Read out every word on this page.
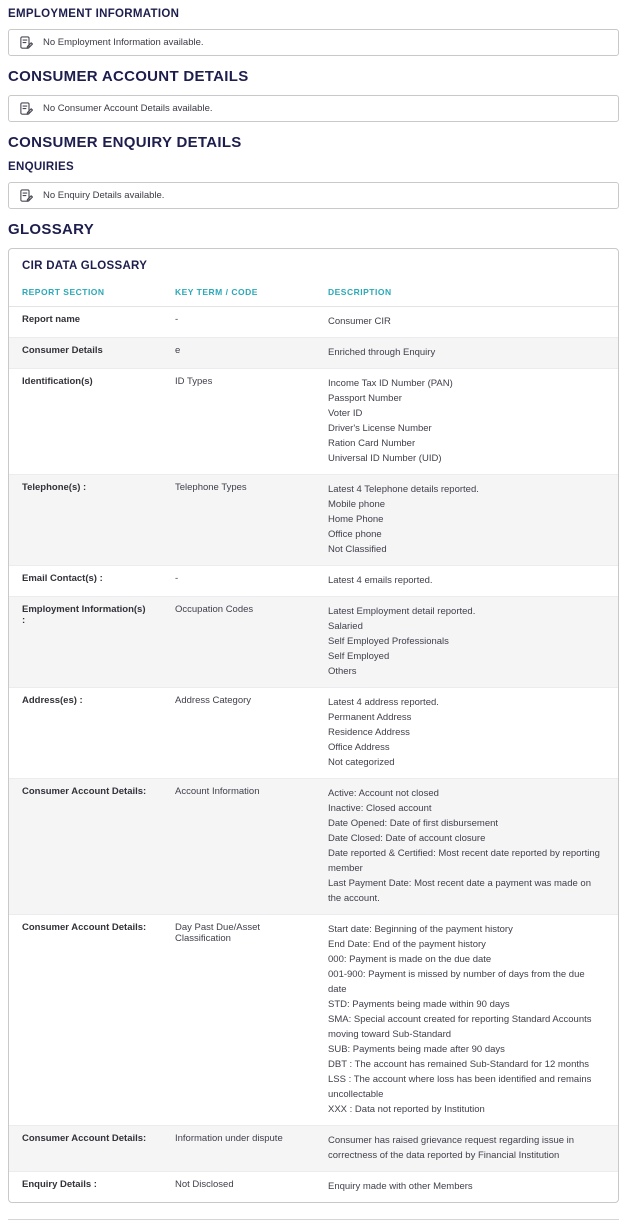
EMPLOYMENT INFORMATION
No Employment Information available.
CONSUMER ACCOUNT DETAILS
No Consumer Account Details available.
CONSUMER ENQUIRY DETAILS
ENQUIRIES
No Enquiry Details available.
GLOSSARY
CIR DATA GLOSSARY
REPORT SECTION	KEY TERM / CODE	DESCRIPTION
Report name	-	Consumer CIR

Consumer Details	e	Enriched through Enquiry

Identification(s)	ID Types	Income Tax ID Number (PAN)
Passport Number
Voter ID
Driver's License Number
Ration Card Number
Universal ID Number (UID)

Telephone(s) :	Telephone Types	Latest 4 Telephone details reported.
Mobile phone
Home Phone
Office phone
Not Classified

Email Contact(s) :	-	Latest 4 emails reported.

Employment Information(s) :	Occupation Codes	Latest Employment detail reported.
Salaried
Self Employed Professionals
Self Employed
Others

Address(es) :	Address Category	Latest 4 address reported.
Permanent Address
Residence Address
Office Address
Not categorized

Consumer Account Details:	Account Information	Active: Account not closed
Inactive: Closed account
Date Opened: Date of first disbursement
Date Closed: Date of account closure
Date reported & Certified: Most recent date reported by reporting member
Last Payment Date: Most recent date a payment was made on the account.

Consumer Account Details:	Day Past Due/Asset Classification	
Start date: Beginning of the payment history
End Date: End of the payment history
000: Payment is made on the due date
001-900: Payment is missed by number of days from the due date
STD: Payments being made within 90 days
SMA: Special account created for reporting Standard Accounts moving toward Sub-Standard
SUB: Payments being made after 90 days
DBT : The account has remained Sub-Standard for 12 months
LSS : The account where loss has been identified and remains uncollectable
XXX : Data not reported by Institution

Consumer Account Details:	Information under dispute	Consumer has raised grievance request regarding issue in correctness of the data reported by Financial Institution

Enquiry Details :	Not Disclosed	Enquiry made with other Members
